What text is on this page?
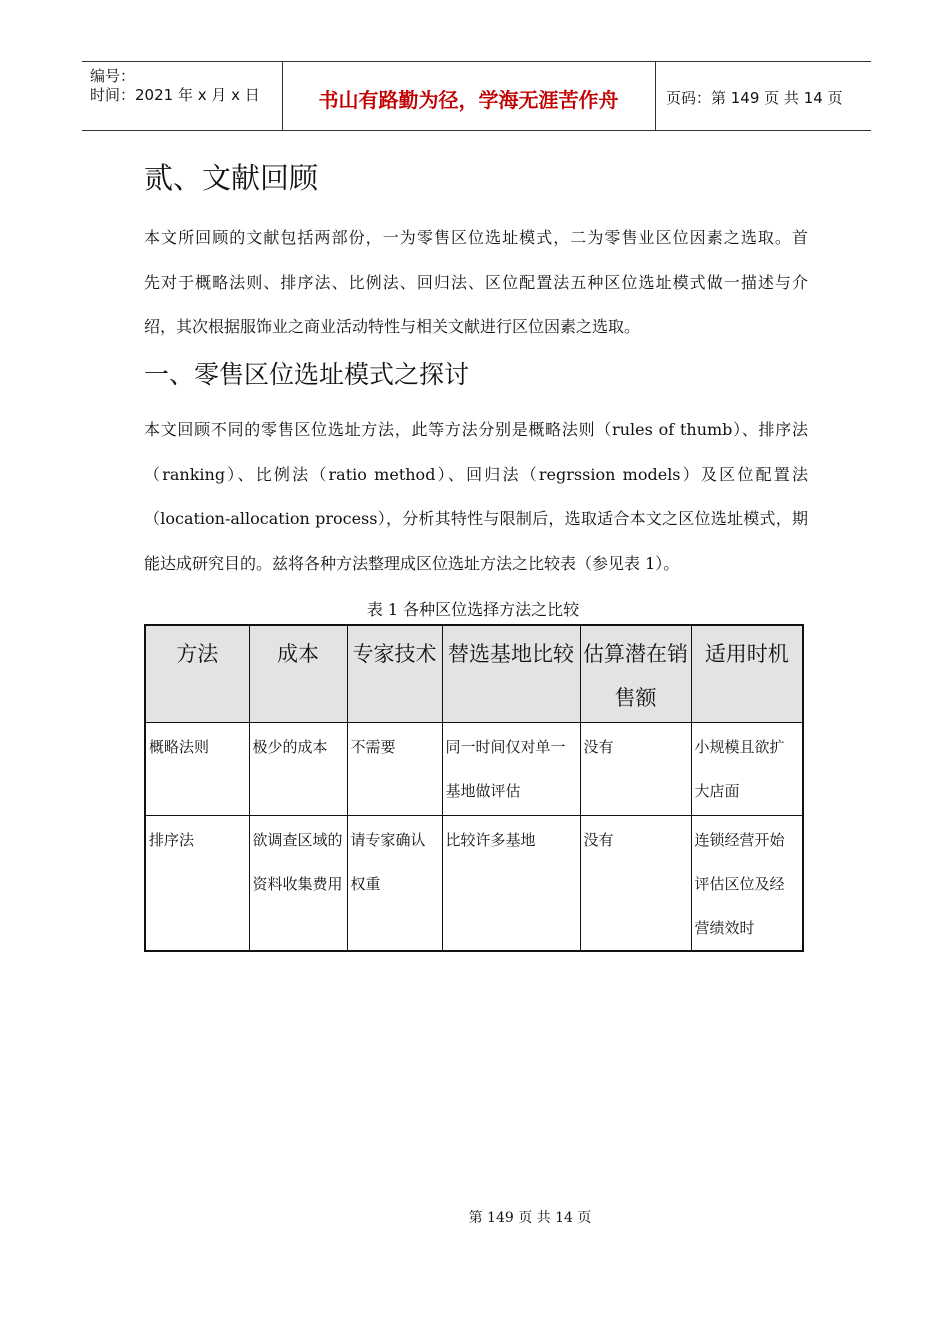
编号：
时间：2021 年 x 月 x 日	书山有路勤为径，学海无涯苦作舟	页码：第 149 页 共 14 页
贰、文献回顾
本文所回顾的文献包括两部份，一为零售区位选址模式，二为零售业区位因素之选取。首
先对于概略法则、排序法、比例法、回归法、区位配置法五种区位选址模式做一描述与介
绍，其次根据服饰业之商业活动特性与相关文献进行区位因素之选取。
一、零售区位选址模式之探讨
本文回顾不同的零售区位选址方法，此等方法分别是概略法则（rules of thumb）、排序法
（ranking）、比例法（ratio method）、回归法（regrssion models）及区位配置法
（location-allocation process），分析其特性与限制后，选取适合本文之区位选址模式，期
能达成研究目的。兹将各种方法整理成区位选址方法之比较表（参见表 1）。
表 1 各种区位选择方法之比较
方法	成本	专家技术	替选基地比较	估算潜在销售额	适用时机
概略法则	极少的成本	不需要	同一时间仅对单一基地做评估	没有	小规模且欲扩大店面
排序法	欲调查区域的资料收集费用	请专家确认权重	比较许多基地	没有	连锁经营开始评估区位及经营绩效时
第 149 页 共 14 页
